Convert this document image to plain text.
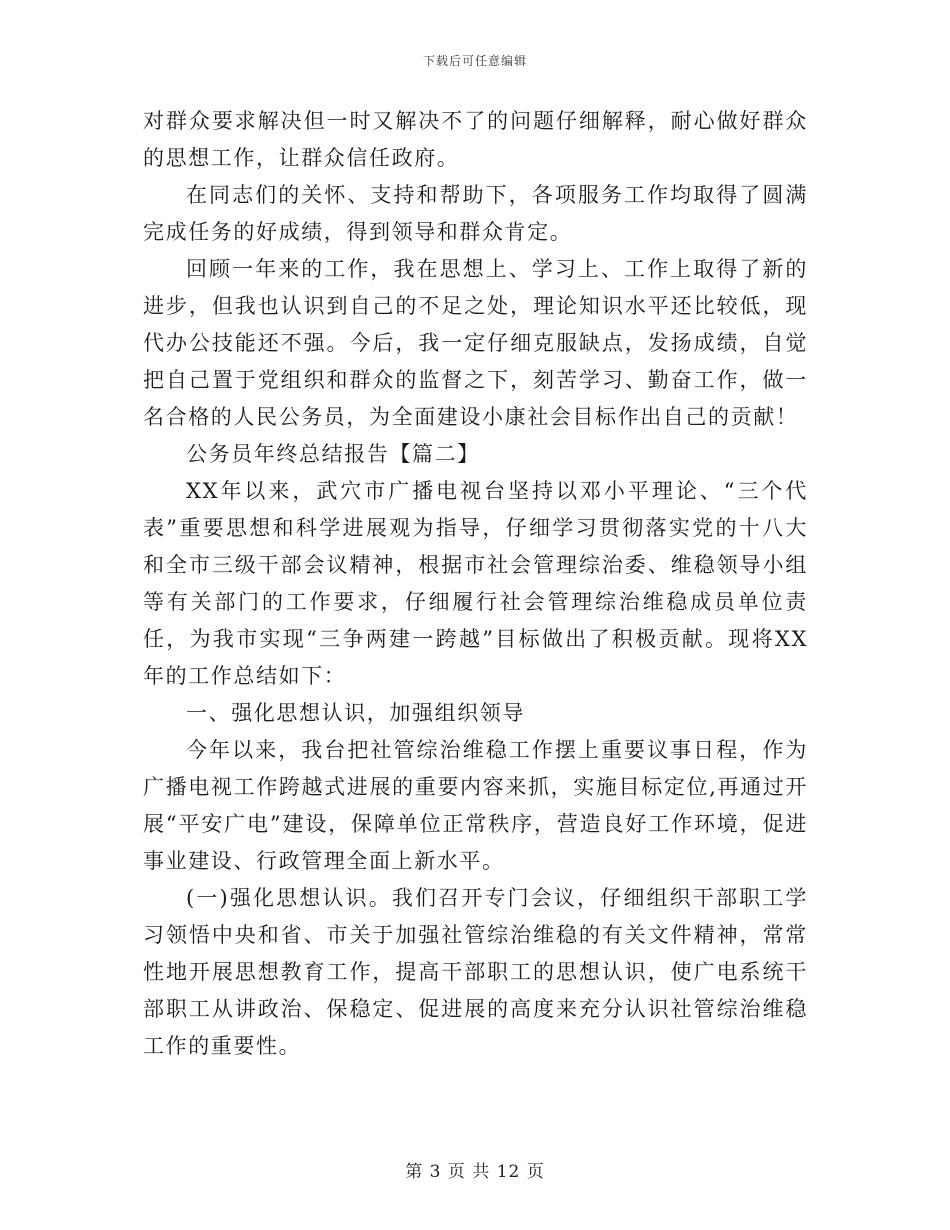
下载后可任意编辑

对群众要求解决但一时又解决不了的问题仔细解释，耐心做好群众的思想工作，让群众信任政府。

在同志们的关怀、支持和帮助下，各项服务工作均取得了圆满完成任务的好成绩，得到领导和群众肯定。

回顾一年来的工作，我在思想上、学习上、工作上取得了新的进步，但我也认识到自己的不足之处，理论知识水平还比较低，现代办公技能还不强。今后，我一定仔细克服缺点，发扬成绩，自觉把自己置于党组织和群众的监督之下，刻苦学习、勤奋工作，做一名合格的人民公务员，为全面建设小康社会目标作出自己的贡献！

公务员年终总结报告【篇二】

XX年以来，武穴市广播电视台坚持以邓小平理论、“三个代表”重要思想和科学进展观为指导，仔细学习贯彻落实党的十八大和全市三级干部会议精神，根据市社会管理综治委、维稳领导小组等有关部门的工作要求，仔细履行社会管理综治维稳成员单位责任，为我市实现“三争两建一跨越”目标做出了积极贡献。现将XX年的工作总结如下：

一、强化思想认识，加强组织领导

今年以来，我台把社管综治维稳工作摆上重要议事日程，作为广播电视工作跨越式进展的重要内容来抓，实施目标定位,再通过开展“平安广电”建设，保障单位正常秩序，营造良好工作环境，促进事业建设、行政管理全面上新水平。

(一)强化思想认识。我们召开专门会议，仔细组织干部职工学习领悟中央和省、市关于加强社管综治维稳的有关文件精神，常常性地开展思想教育工作，提高干部职工的思想认识，使广电系统干部职工从讲政治、保稳定、促进展的高度来充分认识社管综治维稳工作的重要性。

第 3 页 共 12 页
